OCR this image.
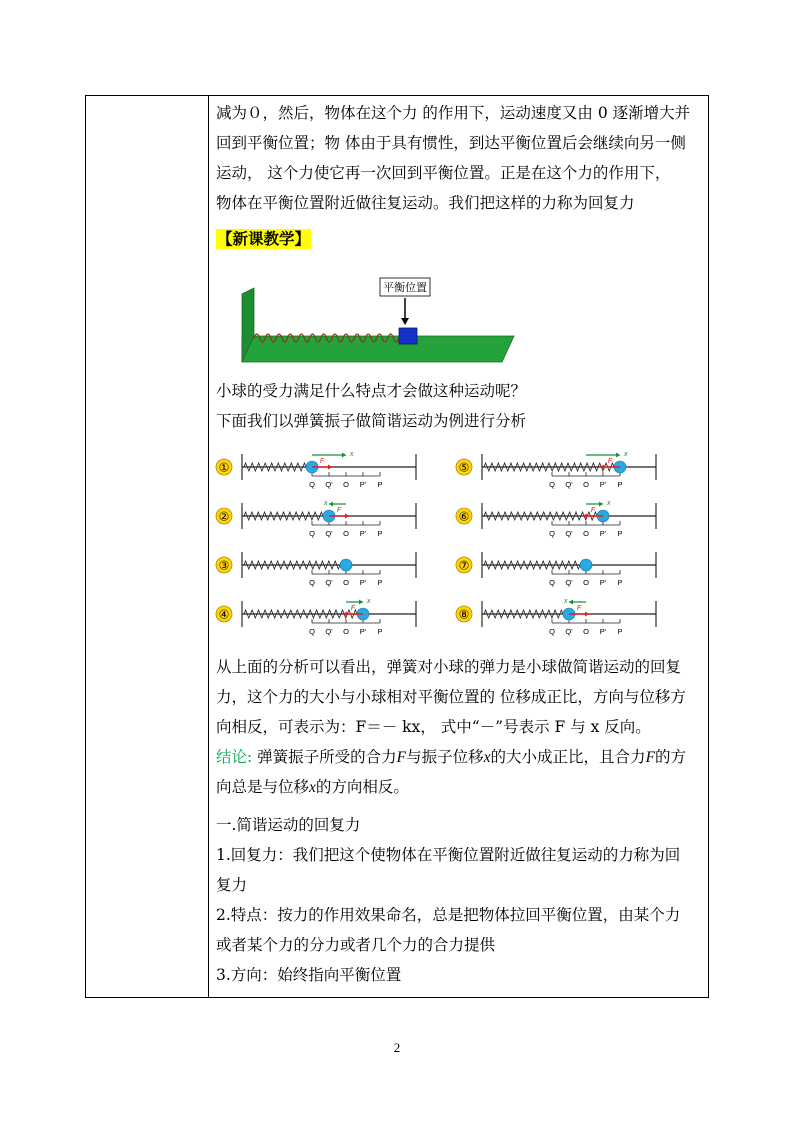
减为０，然后，物体在这个力 的作用下，运动速度又由 0 逐渐增大并
回到平衡位置；物 体由于具有惯性，到达平衡位置后会继续向另一侧
运动， 这个力使它再一次回到平衡位置。正是在这个力的作用下，
物体在平衡位置附近做往复运动。我们把这样的力称为回复力

【新课教学】

平衡位置

小球的受力满足什么特点才会做这种运动呢？
下面我们以弹簧振子做简谐运动为例进行分析

①
Q Q' O P' P
x
F
②
Q Q' O P' P
x
F
③
Q Q' O P' P
④
Q Q' O P' P
x
F
⑤
Q Q' O P' P
x
F
⑥
Q Q' O P' P
x
F
⑦
Q Q' O P' P
⑧
Q Q' O P' P
x
F

从上面的分析可以看出，弹簧对小球的弹力是小球做简谐运动的回复
力，这个力的大小与小球相对平衡位置的 位移成正比，方向与位移方
向相反，可表示为：F＝－ kx， 式中“－”号表示 F 与 x 反向。

结论: 弹簧振子所受的合力F与振子位移x的大小成正比，且合力F的方
向总是与位移x的方向相反。

一.简谐运动的回复力
1.回复力：我们把这个使物体在平衡位置附近做往复运动的力称为回
复力
2.特点：按力的作用效果命名，总是把物体拉回平衡位置，由某个力
或者某个力的分力或者几个力的合力提供
3.方向：始终指向平衡位置

2
